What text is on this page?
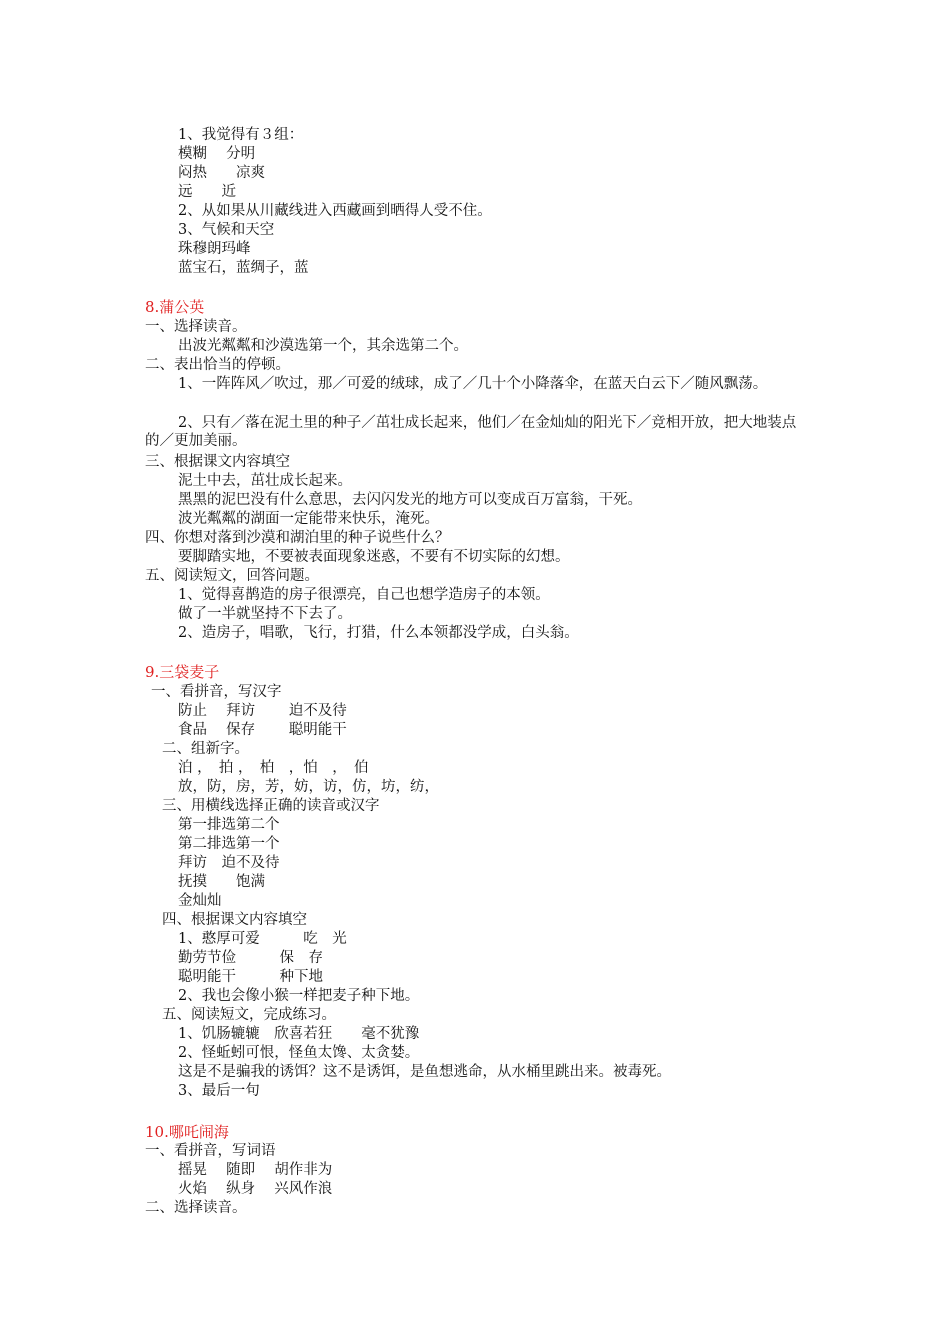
1、我觉得有３组：
模糊　 分明
闷热　　凉爽
远　　近
2、从如果从川藏线进入西藏画到晒得人受不住。
3、气候和天空
珠穆朗玛峰
蓝宝石，蓝绸子，蓝
8.蒲公英
一、选择读音。
出波光粼粼和沙漠选第一个，其余选第二个。
二、表出恰当的停顿。
1、一阵阵风／吹过，那／可爱的绒球，成了／几十个小降落伞，在蓝天白云下／随风飘荡。
2、只有／落在泥土里的种子／茁壮成长起来，他们／在金灿灿的阳光下／竞相开放，把大地装点的／更加美丽。
三、根据课文内容填空
泥土中去，茁壮成长起来。
黑黑的泥巴没有什么意思，去闪闪发光的地方可以变成百万富翁，干死。
波光粼粼的湖面一定能带来快乐，淹死。
四、你想对落到沙漠和湖泊里的种子说些什么？
要脚踏实地，不要被表面现象迷惑，不要有不切实际的幻想。
五、阅读短文，回答问题。
1、觉得喜鹊造的房子很漂亮，自己也想学造房子的本领。
做了一半就坚持不下去了。
2、造房子，唱歌，飞行，打猎，什么本领都没学成，白头翁。
9.三袋麦子
一、看拼音，写汉字
防止　 拜访　　 迫不及待
食品　 保存　　 聪明能干
二、组新字。
泊 ，　拍 ，　柏　，怕　，　伯
放，防，房，芳，妨，访，仿，坊，纺，
三、用横线选择正确的读音或汉字
第一排选第二个
第二排选第一个
拜访　迫不及待
抚摸　　饱满
金灿灿
四、根据课文内容填空
1、憨厚可爱　　　吃　光
勤劳节俭　　　保　存
聪明能干　　　种下地
2、我也会像小猴一样把麦子种下地。
五、阅读短文，完成练习。
1、饥肠辘辘　欣喜若狂　　毫不犹豫
2、怪蚯蚓可恨，怪鱼太馋、太贪婪。
这是不是骗我的诱饵？这不是诱饵，是鱼想逃命，从水桶里跳出来。被毒死。
3、最后一句
10.哪吒闹海
一、看拼音，写词语
摇晃　 随即　 胡作非为
火焰　 纵身　 兴风作浪
二、选择读音。
